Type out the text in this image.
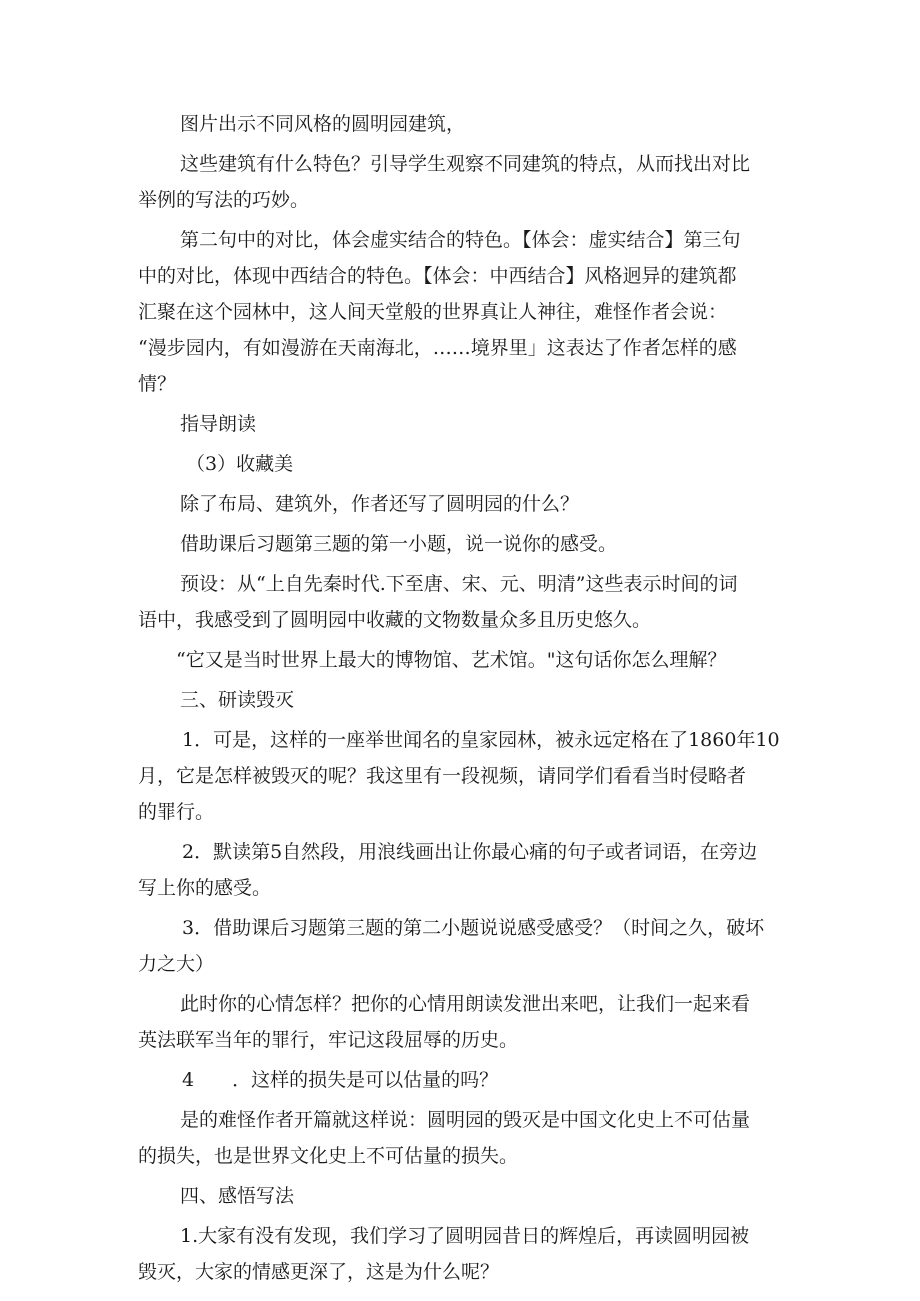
图片出示不同风格的圆明园建筑，

这些建筑有什么特色？引导学生观察不同建筑的特点，从而找出对比
举例的写法的巧妙。
第二句中的对比，体会虚实结合的特色。【体会：虚实结合】第三句
中的对比，体现中西结合的特色。【体会：中西结合】风格迥异的建筑都
汇聚在这个园林中，这人间天堂般的世界真让人神往，难怪作者会说：
“漫步园内，有如漫游在天南海北，……境界里」这表达了作者怎样的感
情？

指导朗读

（3）收藏美

除了布局、建筑外，作者还写了圆明园的什么？

借助课后习题第三题的第一小题，说一说你的感受。

预设：从“上自先秦时代.下至唐、宋、元、明清”这些表示时间的词
语中，我感受到了圆明园中收藏的文物数量众多且历史悠久。

“它又是当时世界上最大的博物馆、艺术馆。"这句话你怎么理解？

三、研读毁灭

1．可是，这样的一座举世闻名的皇家园林，被永远定格在了1860年10
月，它是怎样被毁灭的呢？我这里有一段视频，请同学们看看当时侵略者
的罪行。
2．默读第5自然段，用浪线画出让你最心痛的句子或者词语，在旁边
写上你的感受。
3．借助课后习题第三题的第二小题说说感受感受？（时间之久，破坏
力之大）
此时你的心情怎样？把你的心情用朗读发泄出来吧，让我们一起来看
英法联军当年的罪行，牢记这段屈辱的历史。

4　　．这样的损失是可以估量的吗？

是的难怪作者开篇就这样说：圆明园的毁灭是中国文化史上不可估量
的损失，也是世界文化史上不可估量的损失。

四、感悟写法

1.大家有没有发现，我们学习了圆明园昔日的辉煌后，再读圆明园被
毁灭，大家的情感更深了，这是为什么呢？
